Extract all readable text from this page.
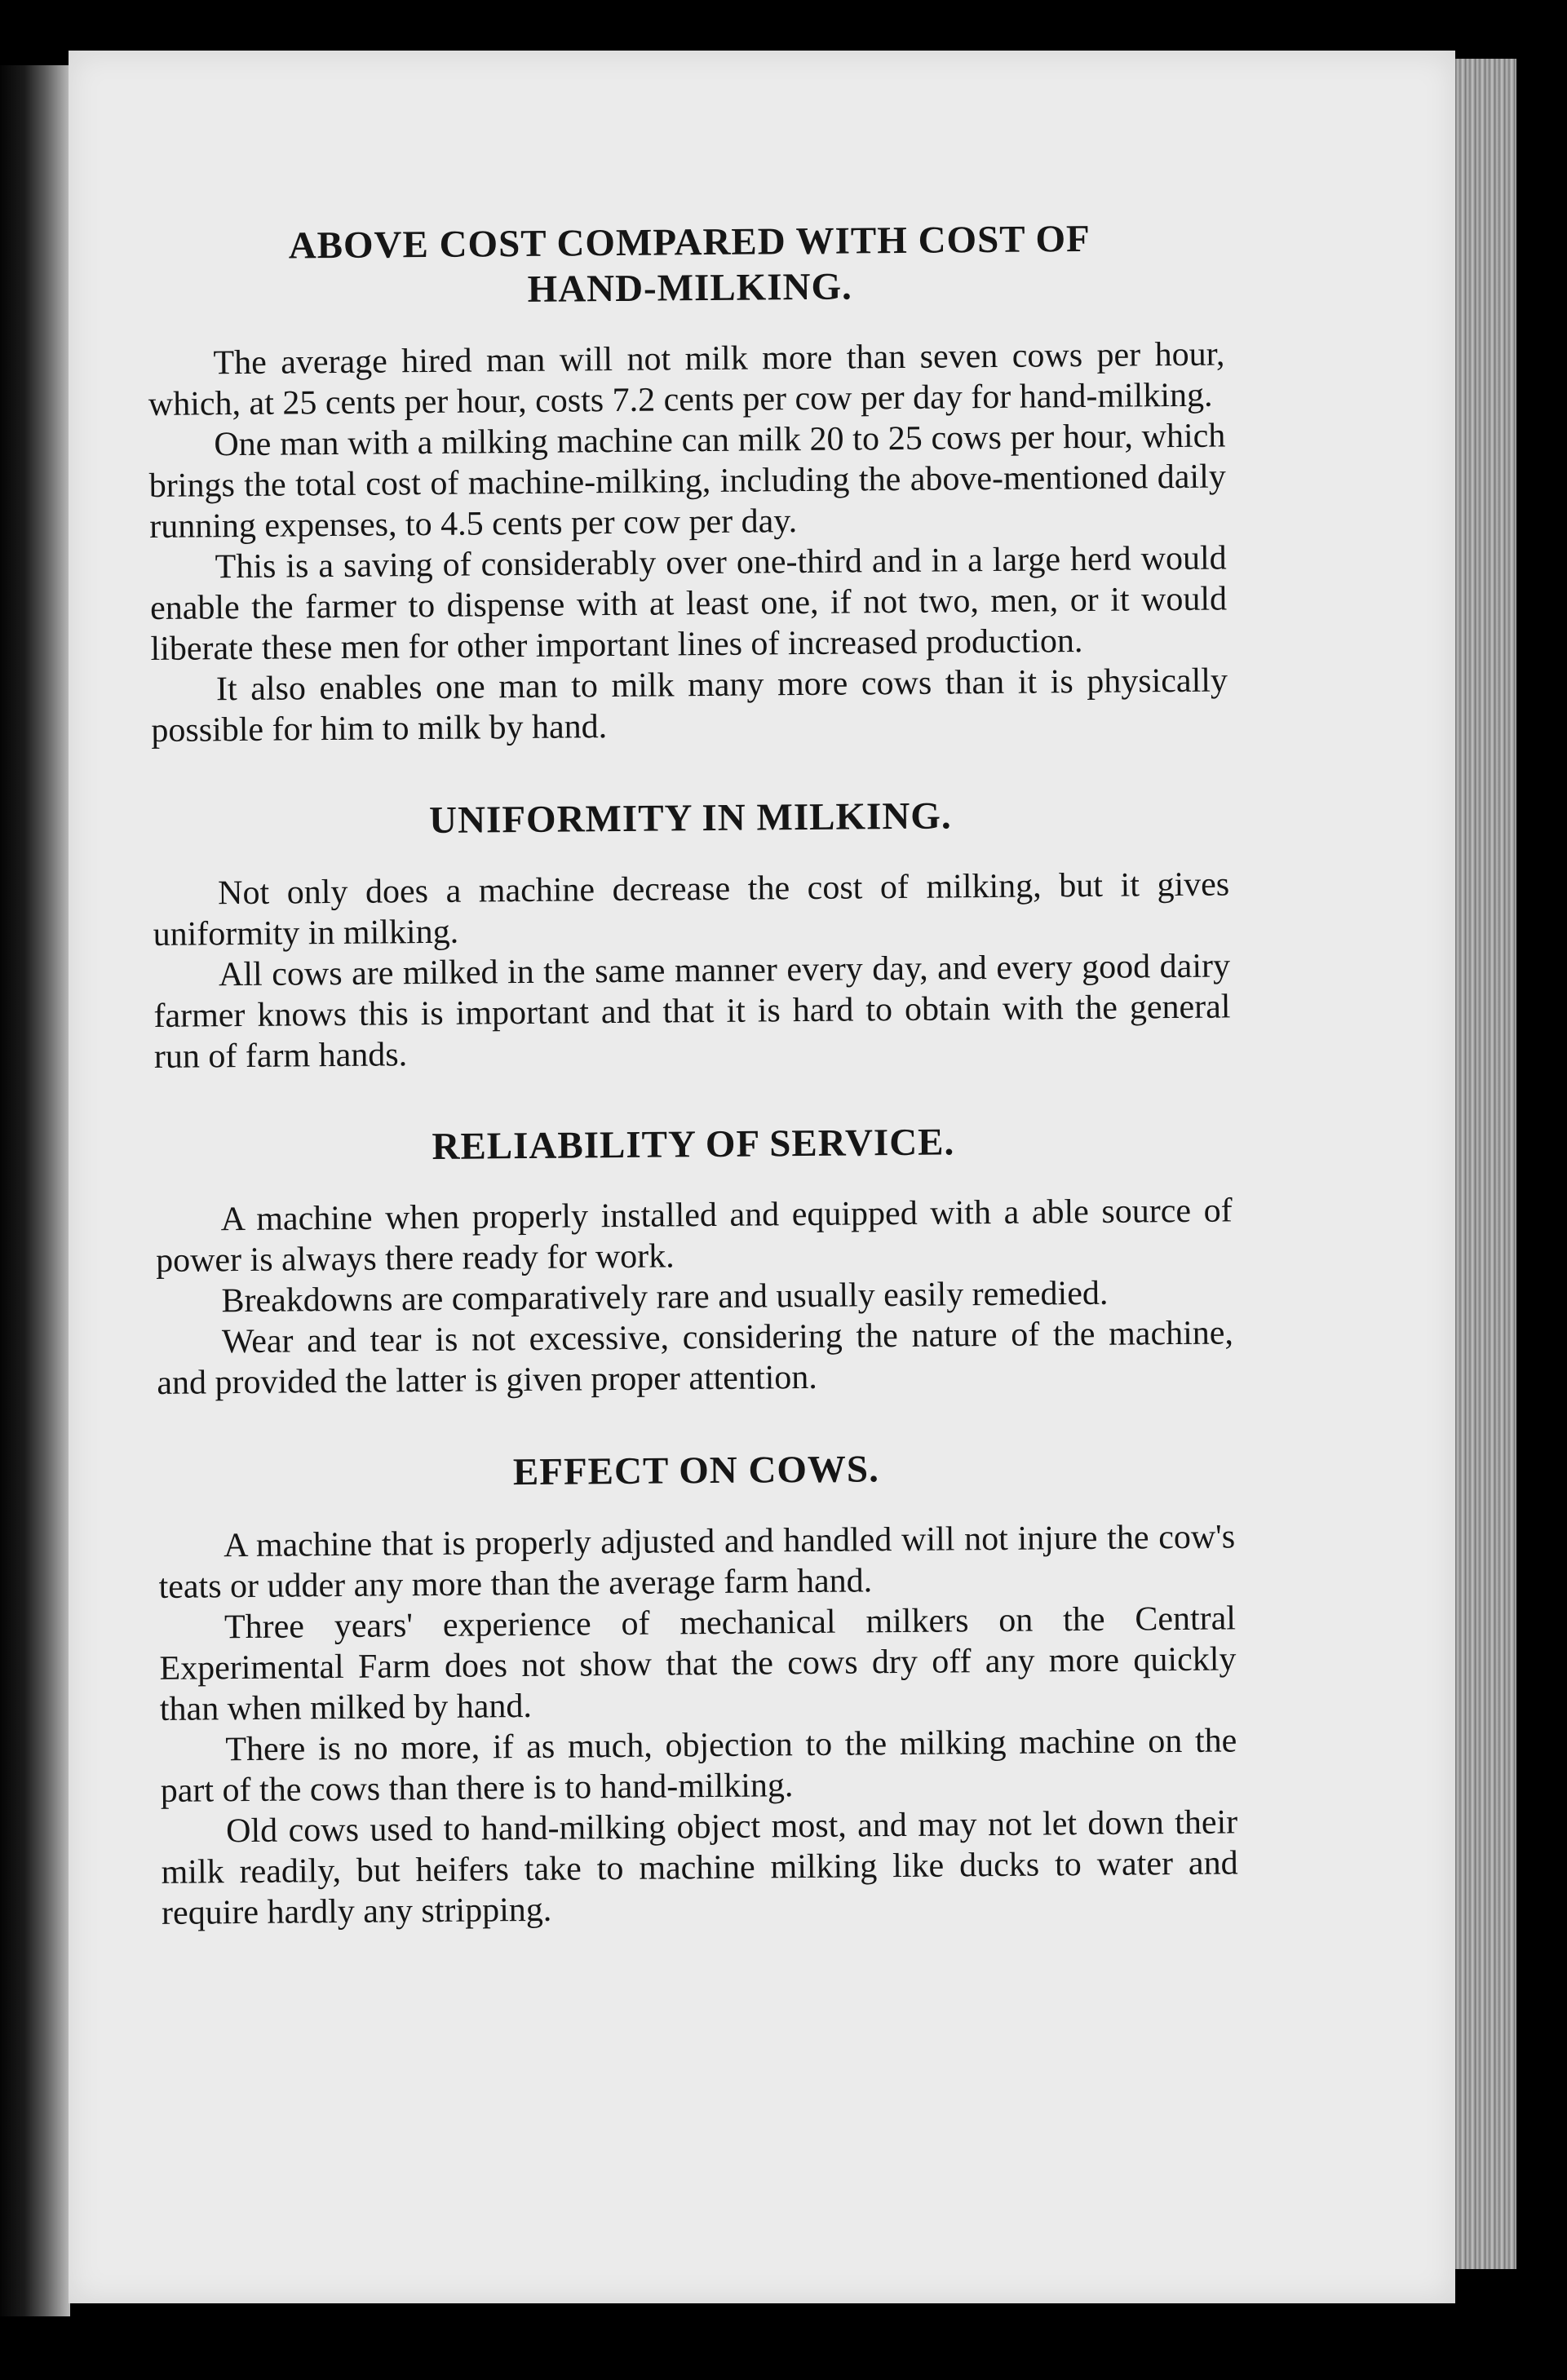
ABOVE COST COMPARED WITH COST OF
HAND-MILKING.

The average hired man will not milk more than seven cows per hour, which, at 25 cents per hour, costs 7.2 cents per cow per day for hand-milking.

One man with a milking machine can milk 20 to 25 cows per hour, which brings the total cost of machine-milking, including the above-mentioned daily running expenses, to 4.5 cents per cow per day.

This is a saving of considerably over one-third and in a large herd would enable the farmer to dispense with at least one, if not two, men, or it would liberate these men for other important lines of increased production.

It also enables one man to milk many more cows than it is physically possible for him to milk by hand.

UNIFORMITY IN MILKING.

Not only does a machine decrease the cost of milking, but it gives uniformity in milking.

All cows are milked in the same manner every day, and every good dairy farmer knows this is important and that it is hard to obtain with the general run of farm hands.

RELIABILITY OF SERVICE.

A machine when properly installed and equipped with a able source of power is always there ready for work.

Breakdowns are comparatively rare and usually easily remedied.

Wear and tear is not excessive, considering the nature of the machine, and provided the latter is given proper attention.

EFFECT ON COWS.

A machine that is properly adjusted and handled will not injure the cow's teats or udder any more than the average farm hand.

Three years' experience of mechanical milkers on the Central Experimental Farm does not show that the cows dry off any more quickly than when milked by hand.

There is no more, if as much, objection to the milking machine on the part of the cows than there is to hand-milking.

Old cows used to hand-milking object most, and may not let down their milk readily, but heifers take to machine milking like ducks to water and require hardly any stripping.
